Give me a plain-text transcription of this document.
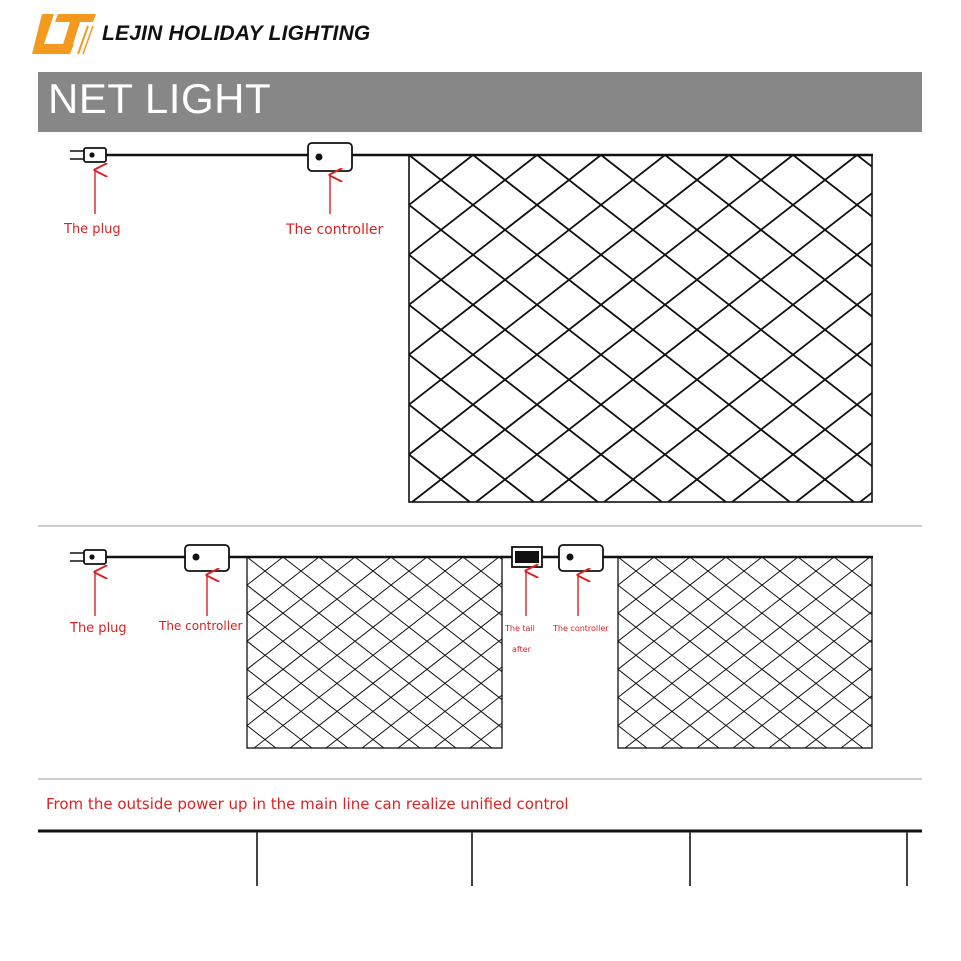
LEJIN HOLIDAY LIGHTING
NET LIGHT
The plug	The controller
The plug	The controller	The tail
after
The controller
From the outside power up in the main line can realize unified control
